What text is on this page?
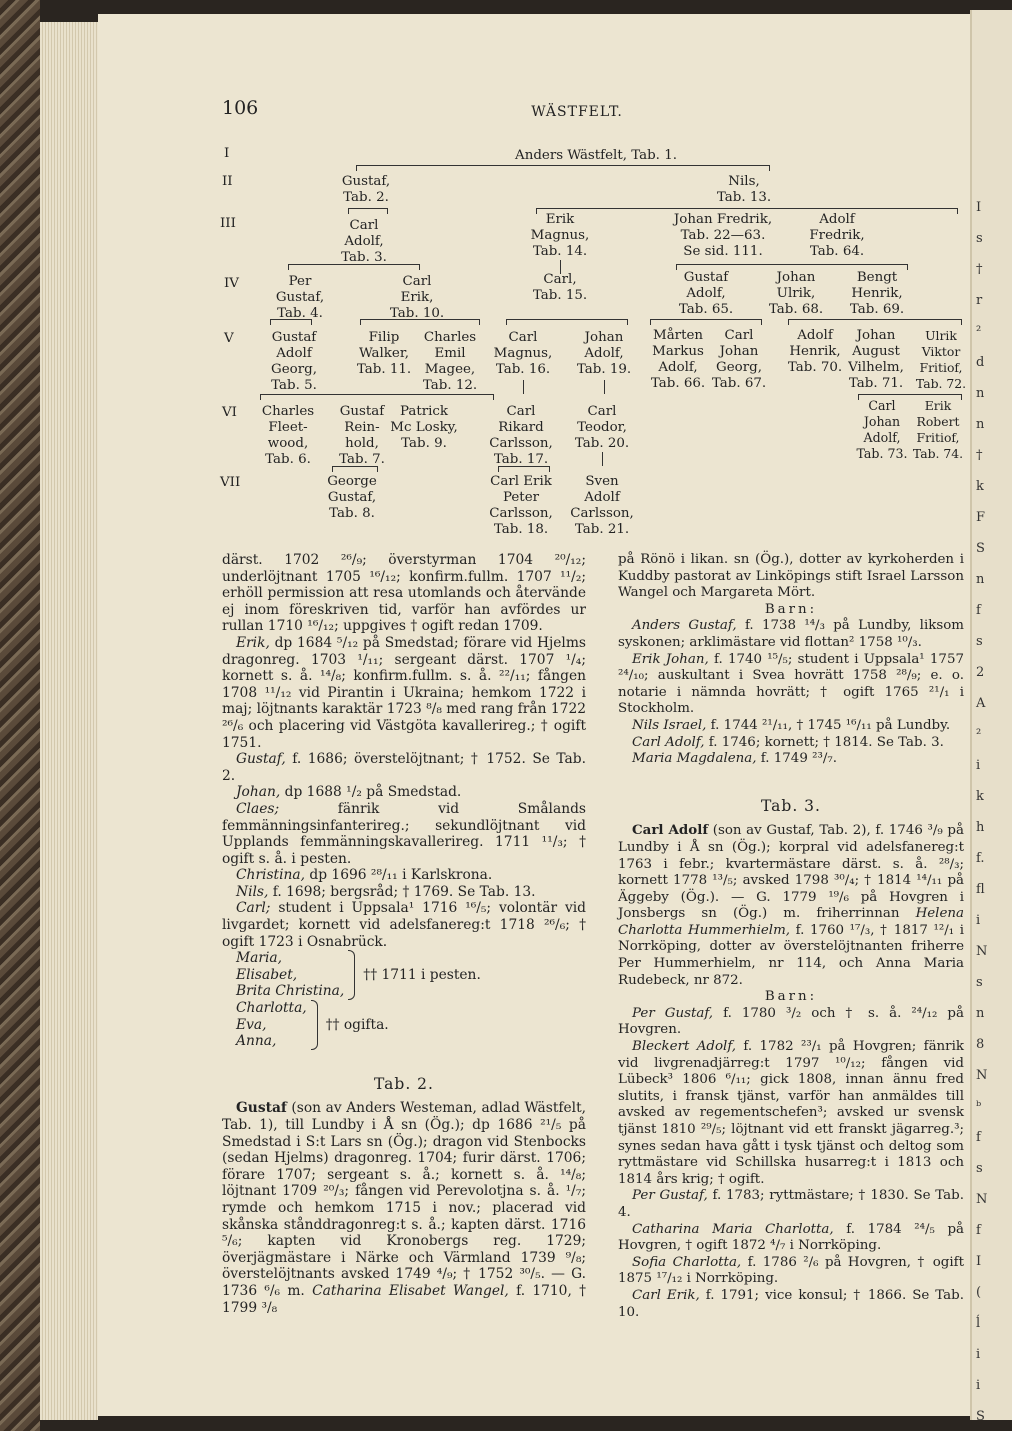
106	WÄSTFELT.
I
II
III
IV
V
VI
VII
Anders Wästfelt, Tab. 1.
Gustaf,
Tab. 2.
Nils,
Tab. 13.
Carl
Adolf,
Tab. 3.
Erik
Magnus,
Tab. 14.
Johan Fredrik,
Tab. 22—63.
Se sid. 111.
Adolf
Fredrik,
Tab. 64.
Per
Gustaf,
Tab. 4.
Carl
Erik,
Tab. 10.
Carl,
Tab. 15.
Gustaf
Adolf,
Tab. 65.
Johan
Ulrik,
Tab. 68.
Bengt
Henrik,
Tab. 69.
Gustaf
Adolf
Georg,
Tab. 5.
Filip
Walker,
Tab. 11.
Charles
Emil
Magee,
Tab. 12.
Carl
Magnus,
Tab. 16.
Johan
Adolf,
Tab. 19.
Mårten
Markus
Adolf,
Tab. 66.
Carl
Johan
Georg,
Tab. 67.
Adolf
Henrik,
Tab. 70.
Johan
August
Vilhelm,
Tab. 71.
Ulrik
Viktor
Fritiof,
Tab. 72.
Charles
Fleet-
wood,
Tab. 6.
Gustaf
Rein-
hold,
Tab. 7.
Patrick
Mc Losky,
Tab. 9.
Carl
Rikard
Carlsson,
Tab. 17.
Carl
Teodor,
Tab. 20.
Carl
Johan
Adolf,
Tab. 73.
Erik
Robert
Fritiof,
Tab. 74.
George
Gustaf,
Tab. 8.
Carl Erik
Peter
Carlsson,
Tab. 18.
Sven
Adolf
Carlsson,
Tab. 21.

därst. 1702 ²⁶/₉; överstyrman 1704 ²⁰/₁₂; underlöjtnant 1705 ¹⁶/₁₂; konfirm.fullm. 1707 ¹¹/₂; erhöll permission att resa utomlands och återvände ej inom föreskriven tid, varför han avfördes ur rullan 1710 ¹⁶/₁₂; uppgives † ogift redan 1709.

Erik, dp 1684 ⁵/₁₂ på Smedstad; förare vid Hjelms dragonreg. 1703 ¹/₁₁; sergeant därst. 1707 ¹/₄; kornett s. å. ¹⁴/₈; konfirm.fullm. s. å. ²²/₁₁; fången 1708 ¹¹/₁₂ vid Pirantin i Ukraina; hemkom 1722 i maj; löjtnants karaktär 1723 ⁸/₈ med rang från 1722 ²⁶/₆ och placering vid Västgöta kavallerireg.; † ogift 1751.

Gustaf, f. 1686; överstelöjtnant; † 1752. Se Tab. 2.

Johan, dp 1688 ¹/₂ på Smedstad.

Claes; fänrik vid Smålands femmänningsinfanterireg.; sekundlöjtnant vid Upplands femmänningskavallerireg. 1711 ¹¹/₃; † ogift s. å. i pesten.

Christina, dp 1696 ²⁸/₁₁ i Karlskrona.

Nils, f. 1698; bergsråd; † 1769. Se Tab. 13.

Carl; student i Uppsala¹ 1716 ¹⁶/₅; volontär vid livgardet; kornett vid adelsfanereg:t 1718 ²⁶/₆; † ogift 1723 i Osnabrück.

Maria,
Elisabet,
Brita Christina,
†† 1711 i pesten.
Charlotta,
Eva,
Anna,
†† ogifta.
Tab. 2.

Gustaf (son av Anders Westeman, adlad Wästfelt, Tab. 1), till Lundby i Å sn (Ög.); dp 1686 ²¹/₅ på Smedstad i S:t Lars sn (Ög.); dragon vid Stenbocks (sedan Hjelms) dragonreg. 1704; furir därst. 1706; förare 1707; sergeant s. å.; kornett s. å. ¹⁴/₈; löjtnant 1709 ²⁰/₃; fången vid Perevolotjna s. å. ¹/₇; rymde och hemkom 1715 i nov.; placerad vid skånska stånddragonreg:t s. å.; kapten därst. 1716 ⁵/₆; kapten vid Kronobergs reg. 1729; överjägmästare i Närke och Värmland 1739 ⁹/₈; överstelöjtnants avsked 1749 ⁴/₉; † 1752 ³⁰/₅. — G. 1736 ⁶/₆ m. Catharina Elisabet Wangel, f. 1710, † 1799 ³/₈

på Rönö i likan. sn (Ög.), dotter av kyrkoherden i Kuddby pastorat av Linköpings stift Israel Larsson Wangel och Margareta Mört.

Barn:

Anders Gustaf, f. 1738 ¹⁴/₃ på Lundby, liksom syskonen; arklimästare vid flottan² 1758 ¹⁰/₃.

Erik Johan, f. 1740 ¹⁵/₅; student i Uppsala¹ 1757 ²⁴/₁₀; auskultant i Svea hovrätt 1758 ²⁸/₉; e. o. notarie i nämnda hovrätt; † ogift 1765 ²¹/₁ i Stockholm.

Nils Israel, f. 1744 ²¹/₁₁, † 1745 ¹⁶/₁₁ på Lundby.

Carl Adolf, f. 1746; kornett; † 1814. Se Tab. 3.

Maria Magdalena, f. 1749 ²³/₇.

Tab. 3.

Carl Adolf (son av Gustaf, Tab. 2), f. 1746 ³/₉ på Lundby i Å sn (Ög.); korpral vid adelsfanereg:t 1763 i febr.; kvartermästare därst. s. å. ²⁸/₃; kornett 1778 ¹³/₅; avsked 1798 ³⁰/₄; † 1814 ¹⁴/₁₁ på Äggeby (Ög.). — G. 1779 ¹⁹/₆ på Hovgren i Jonsbergs sn (Ög.) m. friherrinnan Helena Charlotta Hummerhielm, f. 1760 ¹⁷/₃, † 1817 ¹²/₁ i Norrköping, dotter av överstelöjtnanten friherre Per Hummerhielm, nr 114, och Anna Maria Rudebeck, nr 872.

Barn:

Per Gustaf, f. 1780 ³/₂ och † s. å. ²⁴/₁₂ på Hovgren.

Bleckert Adolf, f. 1782 ²³/₁ på Hovgren; fänrik vid livgrenadjärreg:t 1797 ¹⁰/₁₂; fången vid Lübeck³ 1806 ⁶/₁₁; gick 1808, innan ännu fred slutits, i fransk tjänst, varför han anmäldes till avsked av regementschefen³; avsked ur svensk tjänst 1810 ²⁹/₅; löjtnant vid ett franskt jägarreg.³; synes sedan hava gått i tysk tjänst och deltog som ryttmästare vid Schillska husarreg:t i 1813 och 1814 års krig; † ogift.

Per Gustaf, f. 1783; ryttmästare; † 1830. Se Tab. 4.

Catharina Maria Charlotta, f. 1784 ²⁴/₅ på Hovgren, † ogift 1872 ⁴/₇ i Norrköping.

Sofia Charlotta, f. 1786 ²/₆ på Hovgren, † ogift 1875 ¹⁷/₁₂ i Norrköping.

Carl Erik, f. 1791; vice konsul; † 1866. Se Tab. 10.

I
s
†
r
²
d
n
n
†
k
F
S
n
f
s
2
A
²
i
k
h
f.
fl
i
N
s
n
8
N
ᵇ
f
s
N
f
I
(
ĺ
i
i
S
